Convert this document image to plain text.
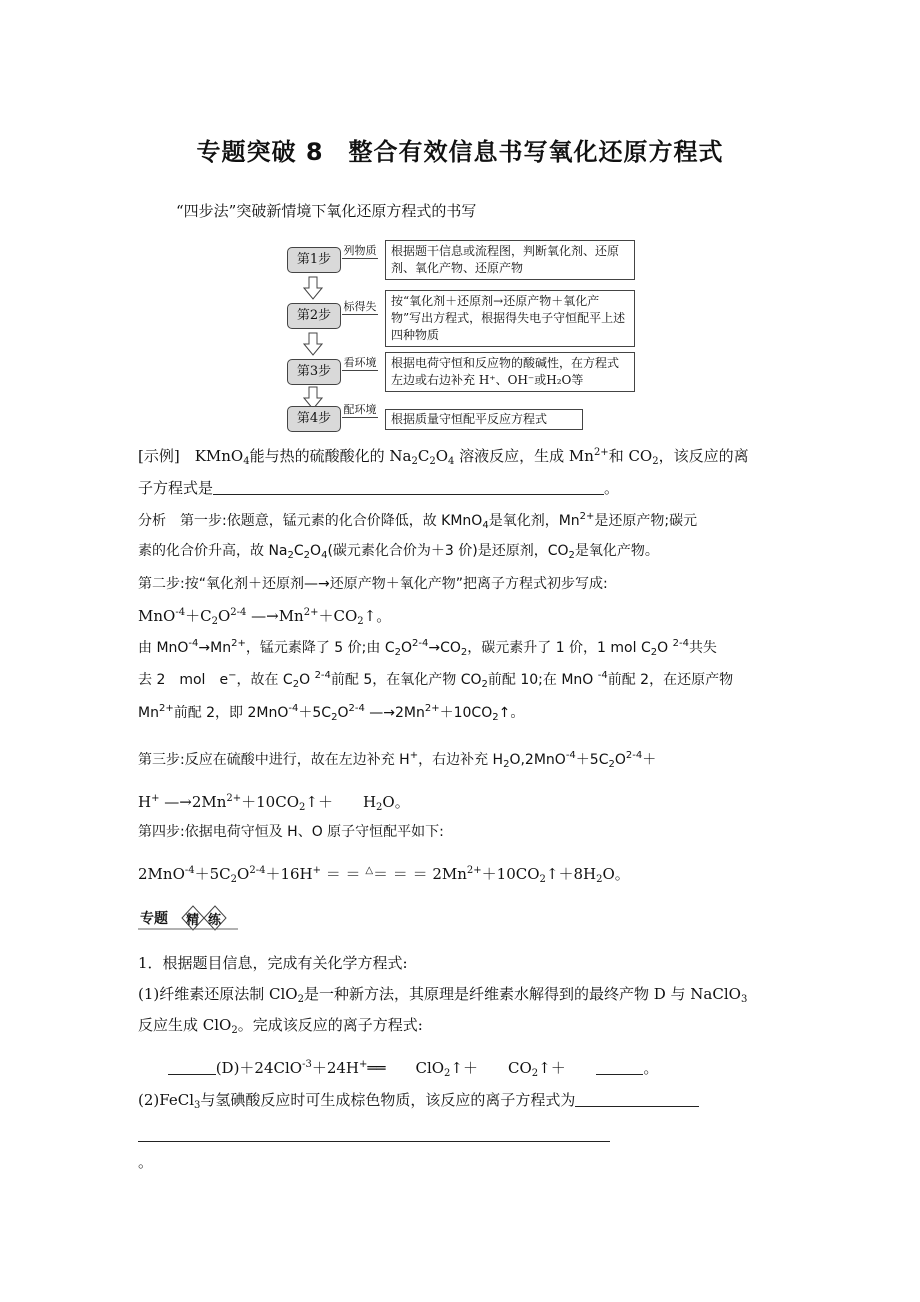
专题突破 8　整合有效信息书写氧化还原方程式
“四步法”突破新情境下氧化还原方程式的书写
第1步
列物质	根据题干信息或流程图，判断氧化剂、还原剂、氧化产物、还原产物
第2步
标得失	按“氧化剂＋还原剂→还原产物＋氧化产物”写出方程式，根据得失电子守恒配平上述四种物质
第3步
看环境	根据电荷守恒和反应物的酸碱性，在方程式左边或右边补充 H⁺、OH⁻或H₂O等
第4步
配环境
根据质量守恒配平反应方程式
专题 精 练
[示例]　KMnO$_4$能与热的硫酸酸化的 $Na_2C_2O_4$ 溶液反应，生成 $Mn^{2+}$和 $CO_2$，该反应的离
子方程式是	。
分析　第一步:依题意，锰元素的化合价降低，故 KMnO$_4$是氧化剂，$Mn^{2+}$是还原产物;碳元
素的化合价升高，故 $Na_2C_2O_4$(碳元素化合价为＋3 价)是还原剂，$CO_2$是氧化产物。
第二步:按“氧化剂＋还原剂—→还原产物＋氧化产物”把离子方程式初步写成:
$MnO^{-4}+C_2O^{2-4}$ $—\to Mn^{2+}+CO_2↑$。
由 $MnO^{-4}\to Mn^{2+}$，锰元素降了 5 价;由 $C_2O^{2-4}\to CO_2$，碳元素升了 1 价，1 mol $C_2O$ $^{2-4}$共失
去 2　mol　e−，故在 $C_2O$ $^{2-4}$前配 5，在氧化产物 $CO_2$前配 10;在 MnO $^{-4}$前配 2，在还原产物
$Mn^{2+}$前配 2，即 $2MnO^{-4}+5C_2O^{2-4}$ $—\to 2Mn^{2+}+10CO_2↑$。
第三步:反应在硫酸中进行，故在左边补充 H+，右边补充 $H_2O,2MnO^{-4}+5C_2O^{2-4}+$
H+ $—\to 2Mn^{2+}+10CO_2↑+$　　$H_2O$。
第四步:依据电荷守恒及 H、O 原子守恒配平如下:
$2MnO^{-4}+5C_2O^{2-4}+16H^+$ ＝ ＝ △＝ ＝ ＝ $2Mn^{2+}+10CO_2↑+8H_2O$。
1．根据题目信息，完成有关化学方程式:
(1)纤维素还原法制 ClO$_2$是一种新方法，其原理是纤维素水解得到的最终产物 D 与 NaClO$_3$
反应生成 ClO$_2$。完成该反应的离子方程式:
　　          (D)＋24ClO$^{-3}$＋24H+══　　ClO$_2$↑＋　　$CO_2↑+$　　	。
(2)FeCl$_3$与氢碘酸反应时可生成棕色物质，该反应的离子方程式为

。
